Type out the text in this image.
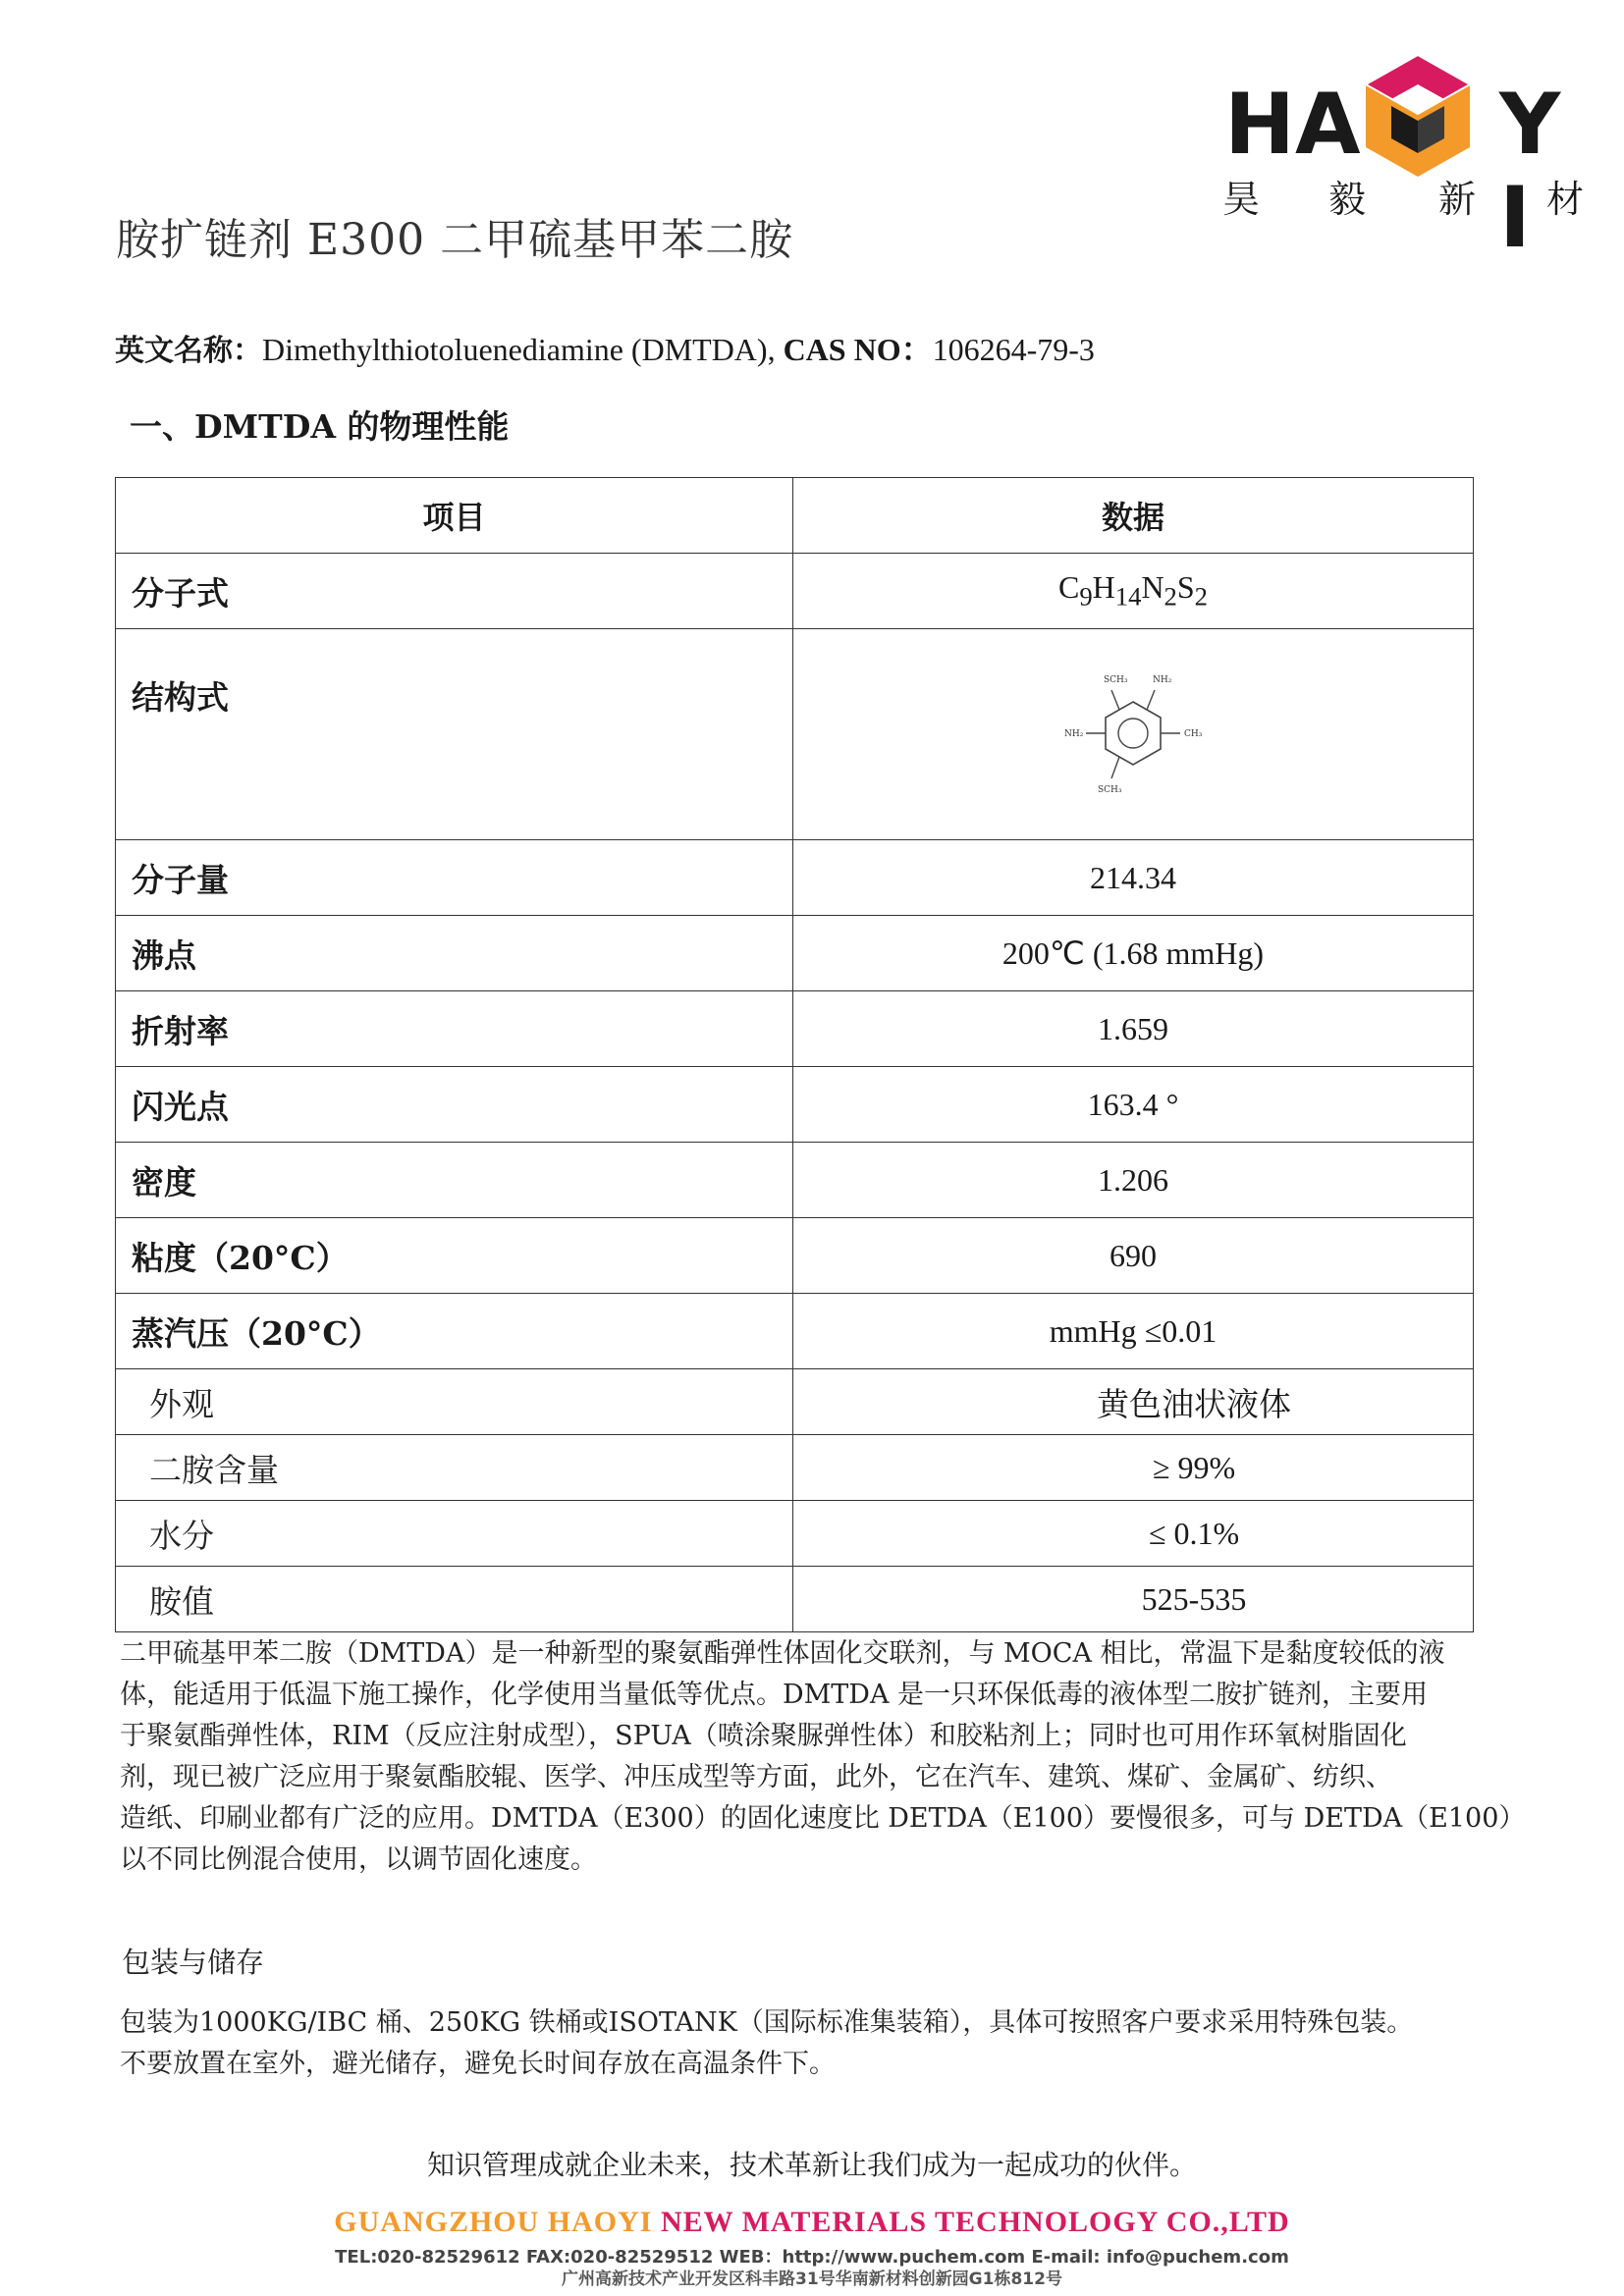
HA Y I
昊 毅 新 材
胺扩链剂 E300 二甲硫基甲苯二胺
英文名称：Dimethylthiotoluenediamine (DMTDA), CAS NO：106264-79-3
一、DMTDA 的物理性能
项目	数据
分子式	$C_9H_{14}N_2S_2$
结构式	SCH₃ NH₂
NH₂ CH₃
SCH₃

分子量	214.34
沸点	200℃ (1.68 mmHg)
折射率	1.659
闪光点	163.4 °
密度	1.206
粘度（20°C）	690
蒸汽压（20°C）	mmHg ≤0.01
外观	黄色油状液体
二胺含量	≥ 99%
水分	≤ 0.1%
胺值	525-535

二甲硫基甲苯二胺（DMTDA）是一种新型的聚氨酯弹性体固化交联剂，与 MOCA 相比，常温下是黏度较低的液

体，能适用于低温下施工操作，化学使用当量低等优点。DMTDA 是一只环保低毒的液体型二胺扩链剂，主要用

于聚氨酯弹性体，RIM（反应注射成型），SPUA（喷涂聚脲弹性体）和胶粘剂上；同时也可用作环氧树脂固化

剂，现已被广泛应用于聚氨酯胶辊、医学、冲压成型等方面，此外，它在汽车、建筑、煤矿、金属矿、纺织、

造纸、印刷业都有广泛的应用。DMTDA（E300）的固化速度比 DETDA（E100）要慢很多，可与 DETDA（E100）

以不同比例混合使用，以调节固化速度。

包装与储存

包装为1000KG/IBC 桶、250KG 铁桶或ISOTANK（国际标准集装箱），具体可按照客户要求采用特殊包装。

不要放置在室外，避光储存，避免长时间存放在高温条件下。

知识管理成就企业未来，技术革新让我们成为一起成功的伙伴。
GUANGZHOU HAOYI NEW MATERIALS TECHNOLOGY CO.,LTD
TEL:020-82529612 FAX:020-82529512 WEB：http://www.puchem.com E-mail: info@puchem.com
广州高新技术产业开发区科丰路31号华南新材料创新园G1栋812号
